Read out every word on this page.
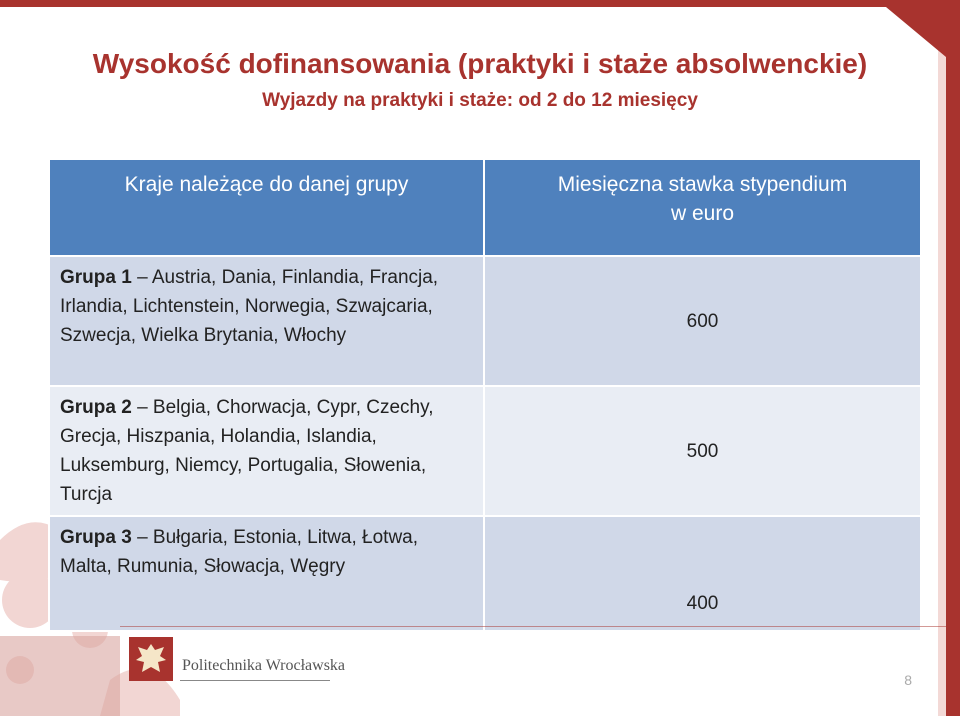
Wysokość dofinansowania (praktyki i staże absolwenckie)
Wyjazdy na praktyki i staże: od 2 do 12 miesięcy
Kraje należące do danej grupy	Miesięczna stawka stypendium
w euro
Grupa 1 – Austria, Dania, Finlandia, Francja, Irlandia, Lichtenstein, Norwegia, Szwajcaria, Szwecja, Wielka Brytania, Włochy	600
Grupa 2 – Belgia, Chorwacja, Cypr, Czechy, Grecja, Hiszpania, Holandia, Islandia, Luksemburg, Niemcy, Portugalia, Słowenia, Turcja	500
Grupa 3 – Bułgaria, Estonia, Litwa, Łotwa, Malta, Rumunia, Słowacja, Węgry	400
Politechnika Wrocławska
8
